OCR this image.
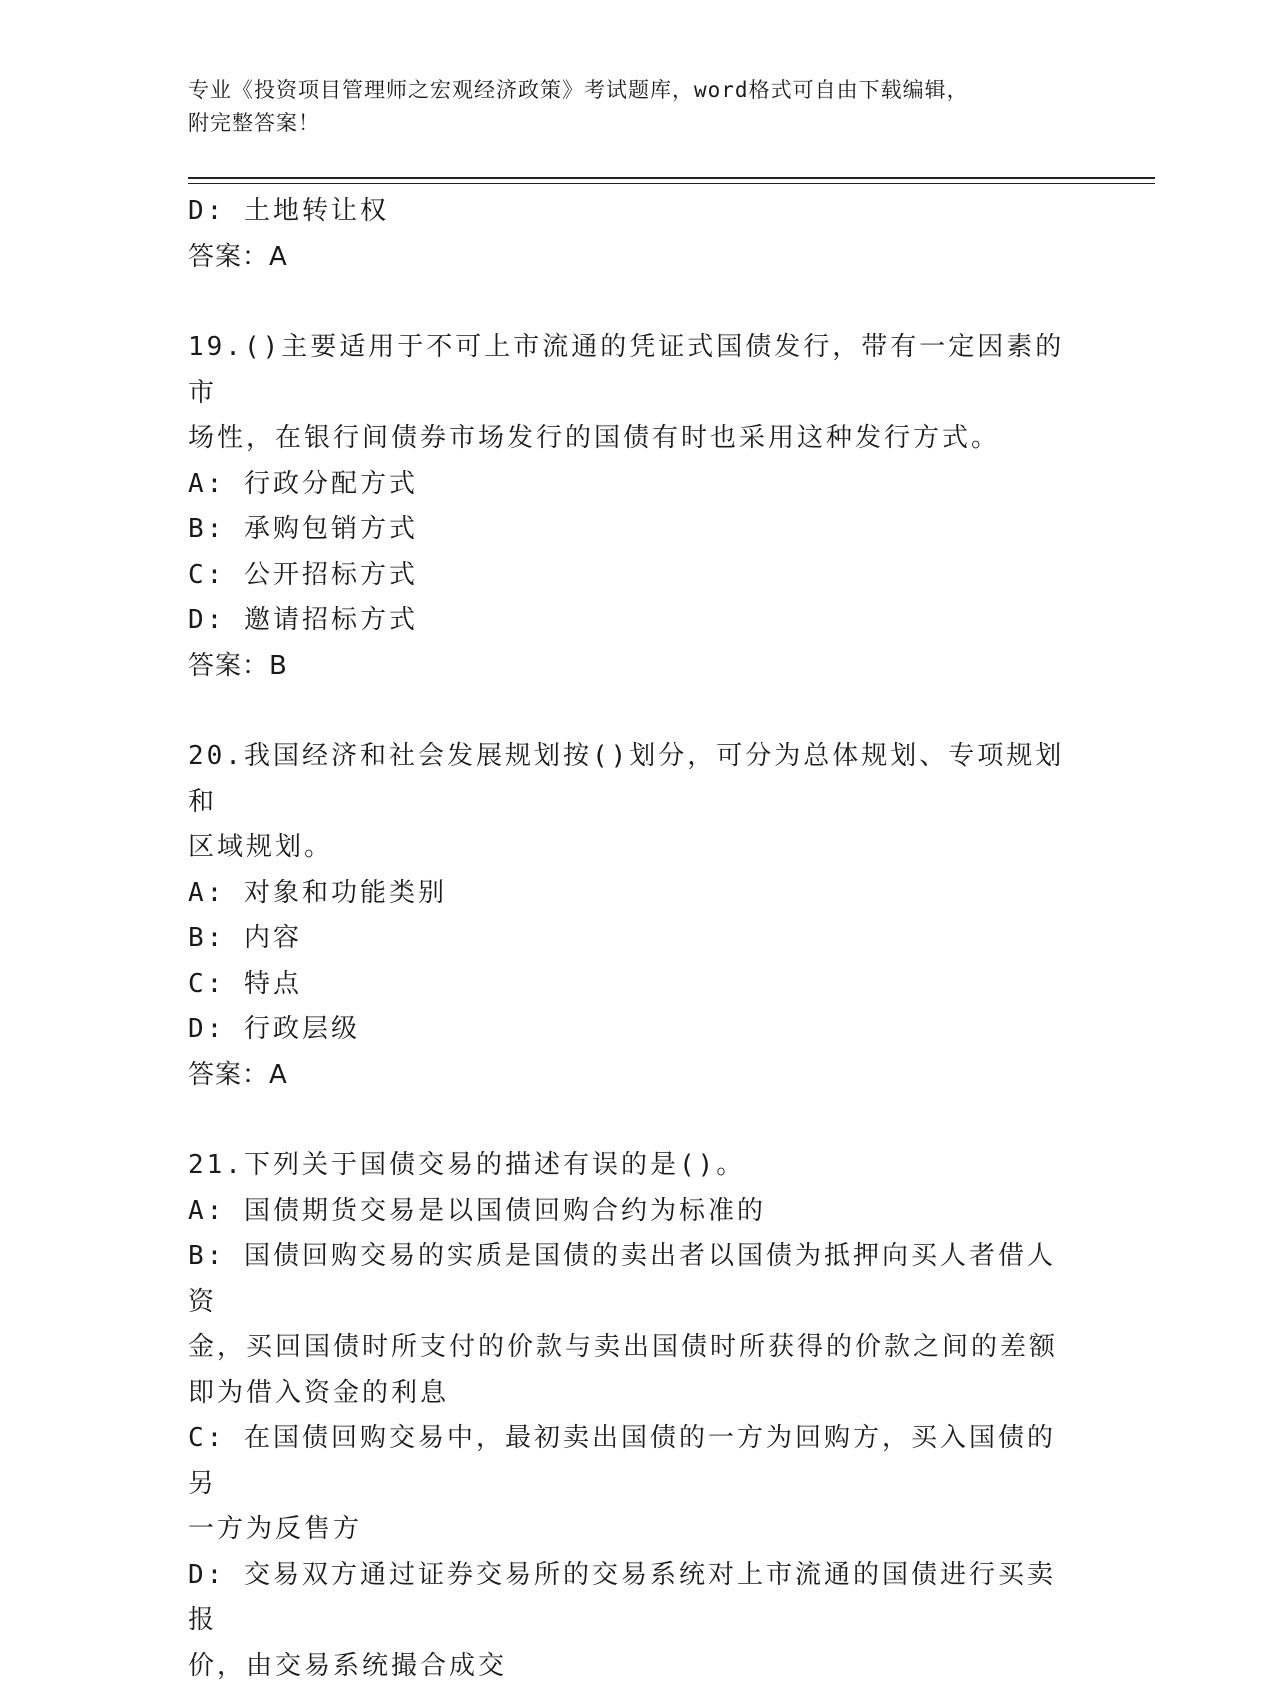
专业《投资项目管理师之宏观经济政策》考试题库，word格式可自由下载编辑，
附完整答案！
D: 土地转让权
答案：A
19.()主要适用于不可上市流通的凭证式国债发行，带有一定因素的市
场性，在银行间债券市场发行的国债有时也采用这种发行方式。
A: 行政分配方式
B: 承购包销方式
C: 公开招标方式
D: 邀请招标方式
答案：B
20.我国经济和社会发展规划按()划分，可分为总体规划、专项规划和
区域规划。
A: 对象和功能类别
B: 内容
C: 特点
D: 行政层级
答案：A
21.下列关于国债交易的描述有误的是()。
A: 国债期货交易是以国债回购合约为标准的
B: 国债回购交易的实质是国债的卖出者以国债为抵押向买人者借人资
金，买回国债时所支付的价款与卖出国债时所获得的价款之间的差额
即为借入资金的利息
C: 在国债回购交易中，最初卖出国债的一方为回购方，买入国债的另
一方为反售方
D: 交易双方通过证券交易所的交易系统对上市流通的国债进行买卖报
价，由交易系统撮合成交
